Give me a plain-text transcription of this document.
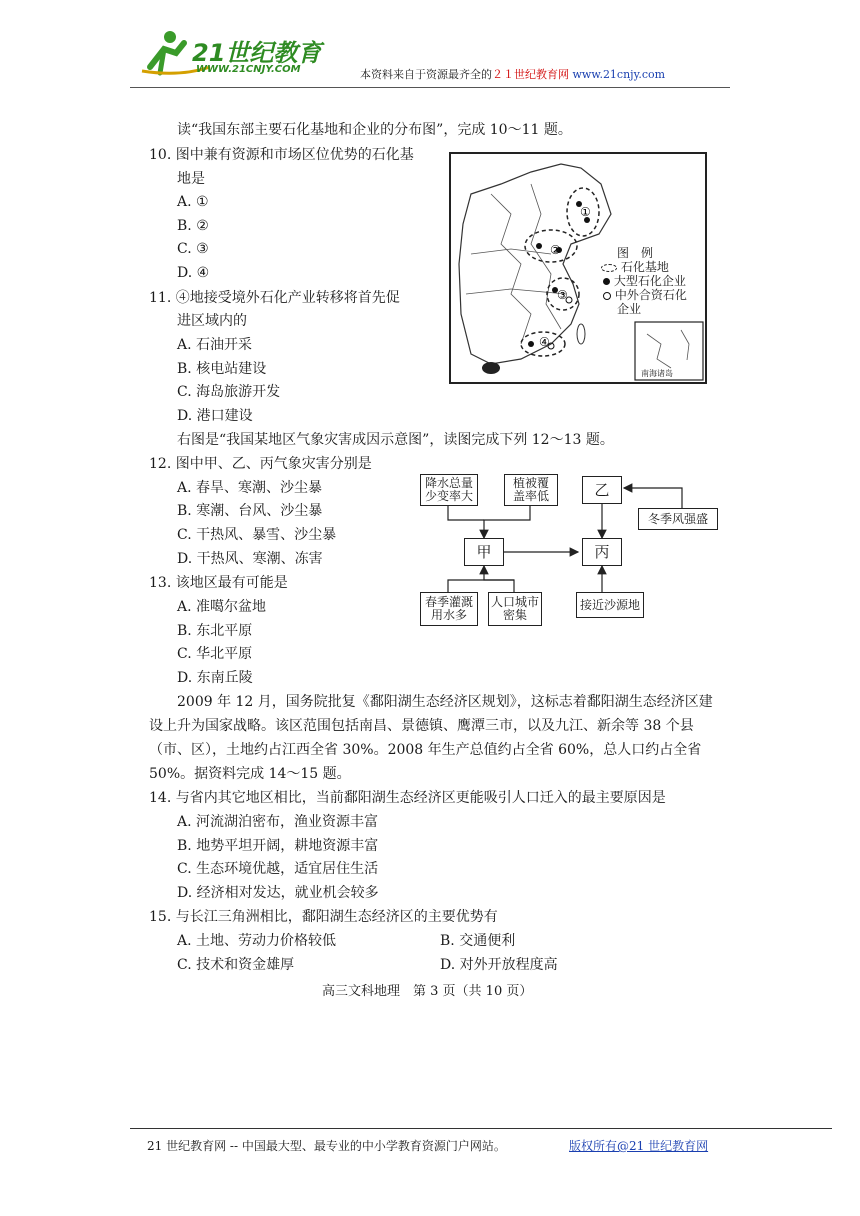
21世纪教育
WWW.21CNJY.COM	本资料来自于资源最齐全的２１世纪教育网 www.21cnjy.com
读“我国东部主要石化基地和企业的分布图”，完成 10～11 题。
10. 图中兼有资源和市场区位优势的石化基
地是
A. ①
B. ②
C. ③
D. ④
11. ④地接受境外石化产业转移将首先促
进区域内的
A. 石油开采
B. 核电站建设
C. 海岛旅游开发
D. 港口建设
①
②
③
④
图　例
石化基地
大型石化企业
中外合资石化
企业
南海诸岛
右图是“我国某地区气象灾害成因示意图”，读图完成下列 12～13 题。
12. 图中甲、乙、丙气象灾害分别是
A. 春旱、寒潮、沙尘暴
B. 寒潮、台风、沙尘暴
C. 干热风、暴雪、沙尘暴
D. 干热风、寒潮、冻害
13. 该地区最有可能是
A. 准噶尔盆地
B. 东北平原
C. 华北平原
D. 东南丘陵
降水总量
少变率大
植被覆
盖率低
甲
乙
丙
冬季风强盛
春季灌溉
用水多
人口城市
密集
接近沙源地
2009 年 12 月，国务院批复《鄱阳湖生态经济区规划》，这标志着鄱阳湖生态经济区建
设上升为国家战略。该区范围包括南昌、景德镇、鹰潭三市，以及九江、新余等 38 个县
（市、区），土地约占江西全省 30%。2008 年生产总值约占全省 60%，总人口约占全省
50%。据资料完成 14～15 题。
14. 与省内其它地区相比，当前鄱阳湖生态经济区更能吸引人口迁入的最主要原因是
A. 河流湖泊密布，渔业资源丰富
B. 地势平坦开阔，耕地资源丰富
C. 生态环境优越，适宜居住生活
D. 经济相对发达，就业机会较多
15. 与长江三角洲相比，鄱阳湖生态经济区的主要优势有
A. 土地、劳动力价格较低	B. 交通便利
C. 技术和资金雄厚	D. 对外开放程度高
高三文科地理　第 3 页（共 10 页）
21 世纪教育网 -- 中国最大型、最专业的中小学教育资源门户网站。	版权所有@21 世纪教育网
